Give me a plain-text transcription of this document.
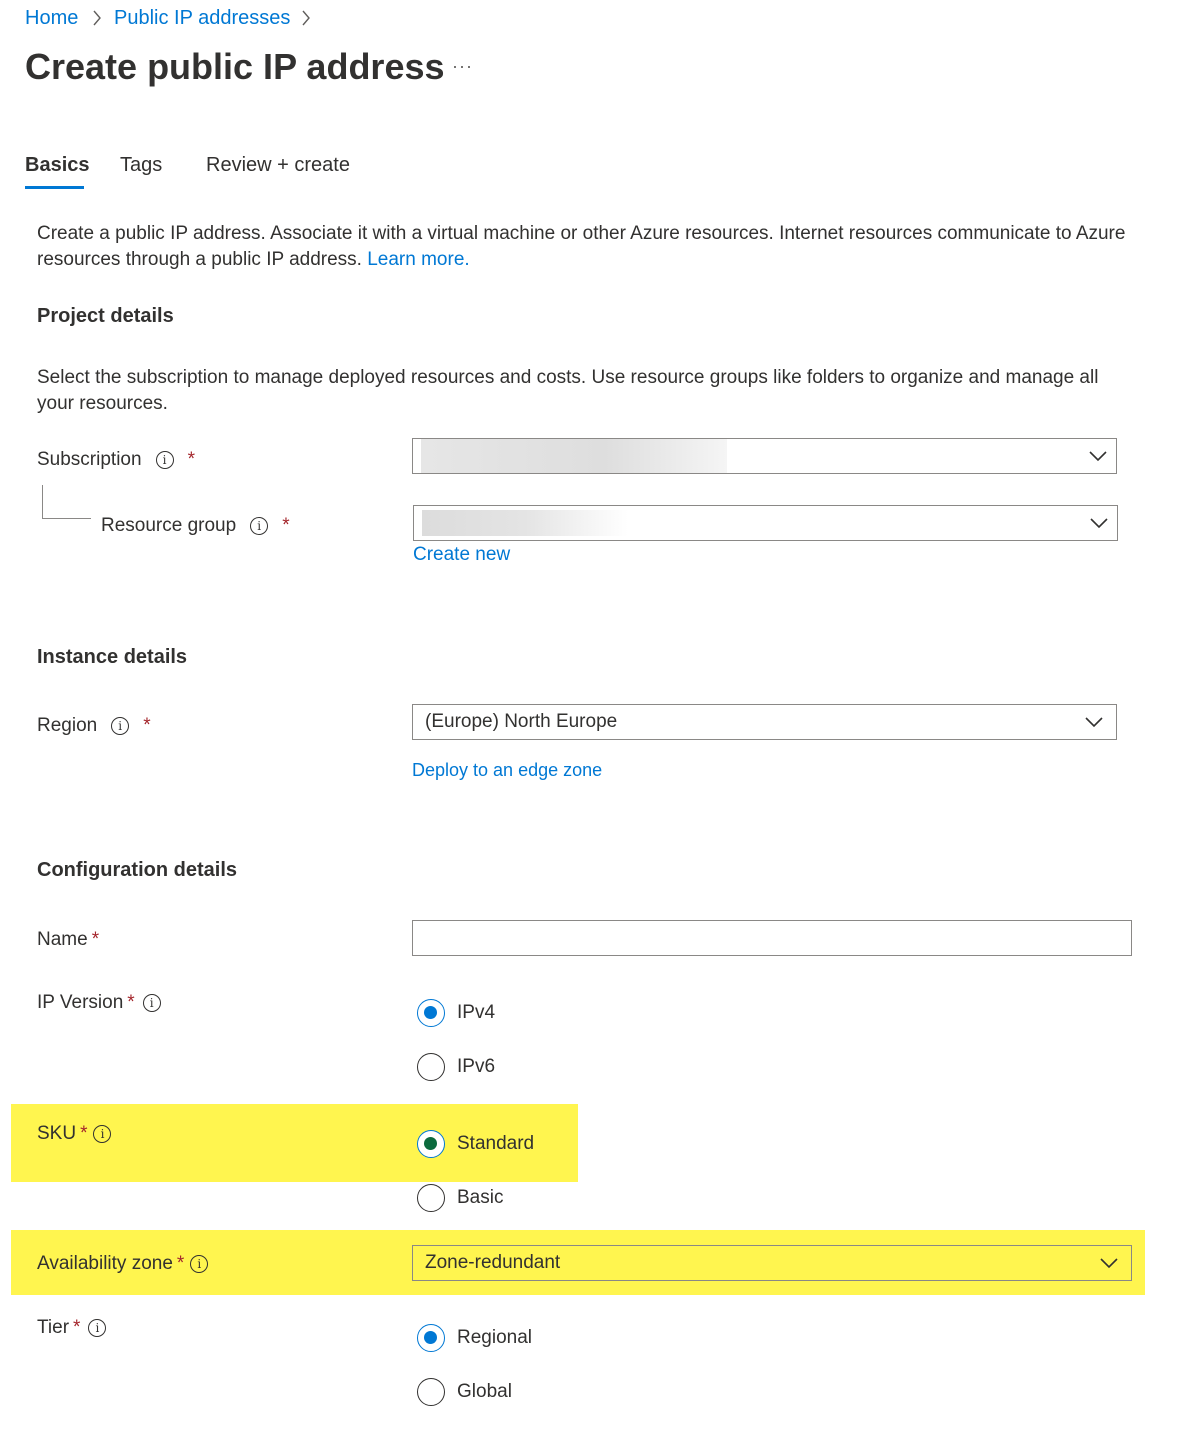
Home Public IP addresses
Create public IP address ···
Basics Tags Review + create
Create a public IP address. Associate it with a virtual machine or other Azure resources. Internet resources communicate to Azure resources through a public IP address. Learn more.
Project details
Select the subscription to manage deployed resources and costs. Use resource groups like folders to organize and manage all your resources.
Subscription	i	*
Resource group	i	*
Create new
Instance details
Region	i	*	(Europe) North Europe
Deploy to an edge zone
Configuration details
Name *
IP Version *	i	IPv4
IPv6
SKU *	i	Standard
Basic
Availability zone *	i	Zone-redundant
Tier *	i	Regional
Global
